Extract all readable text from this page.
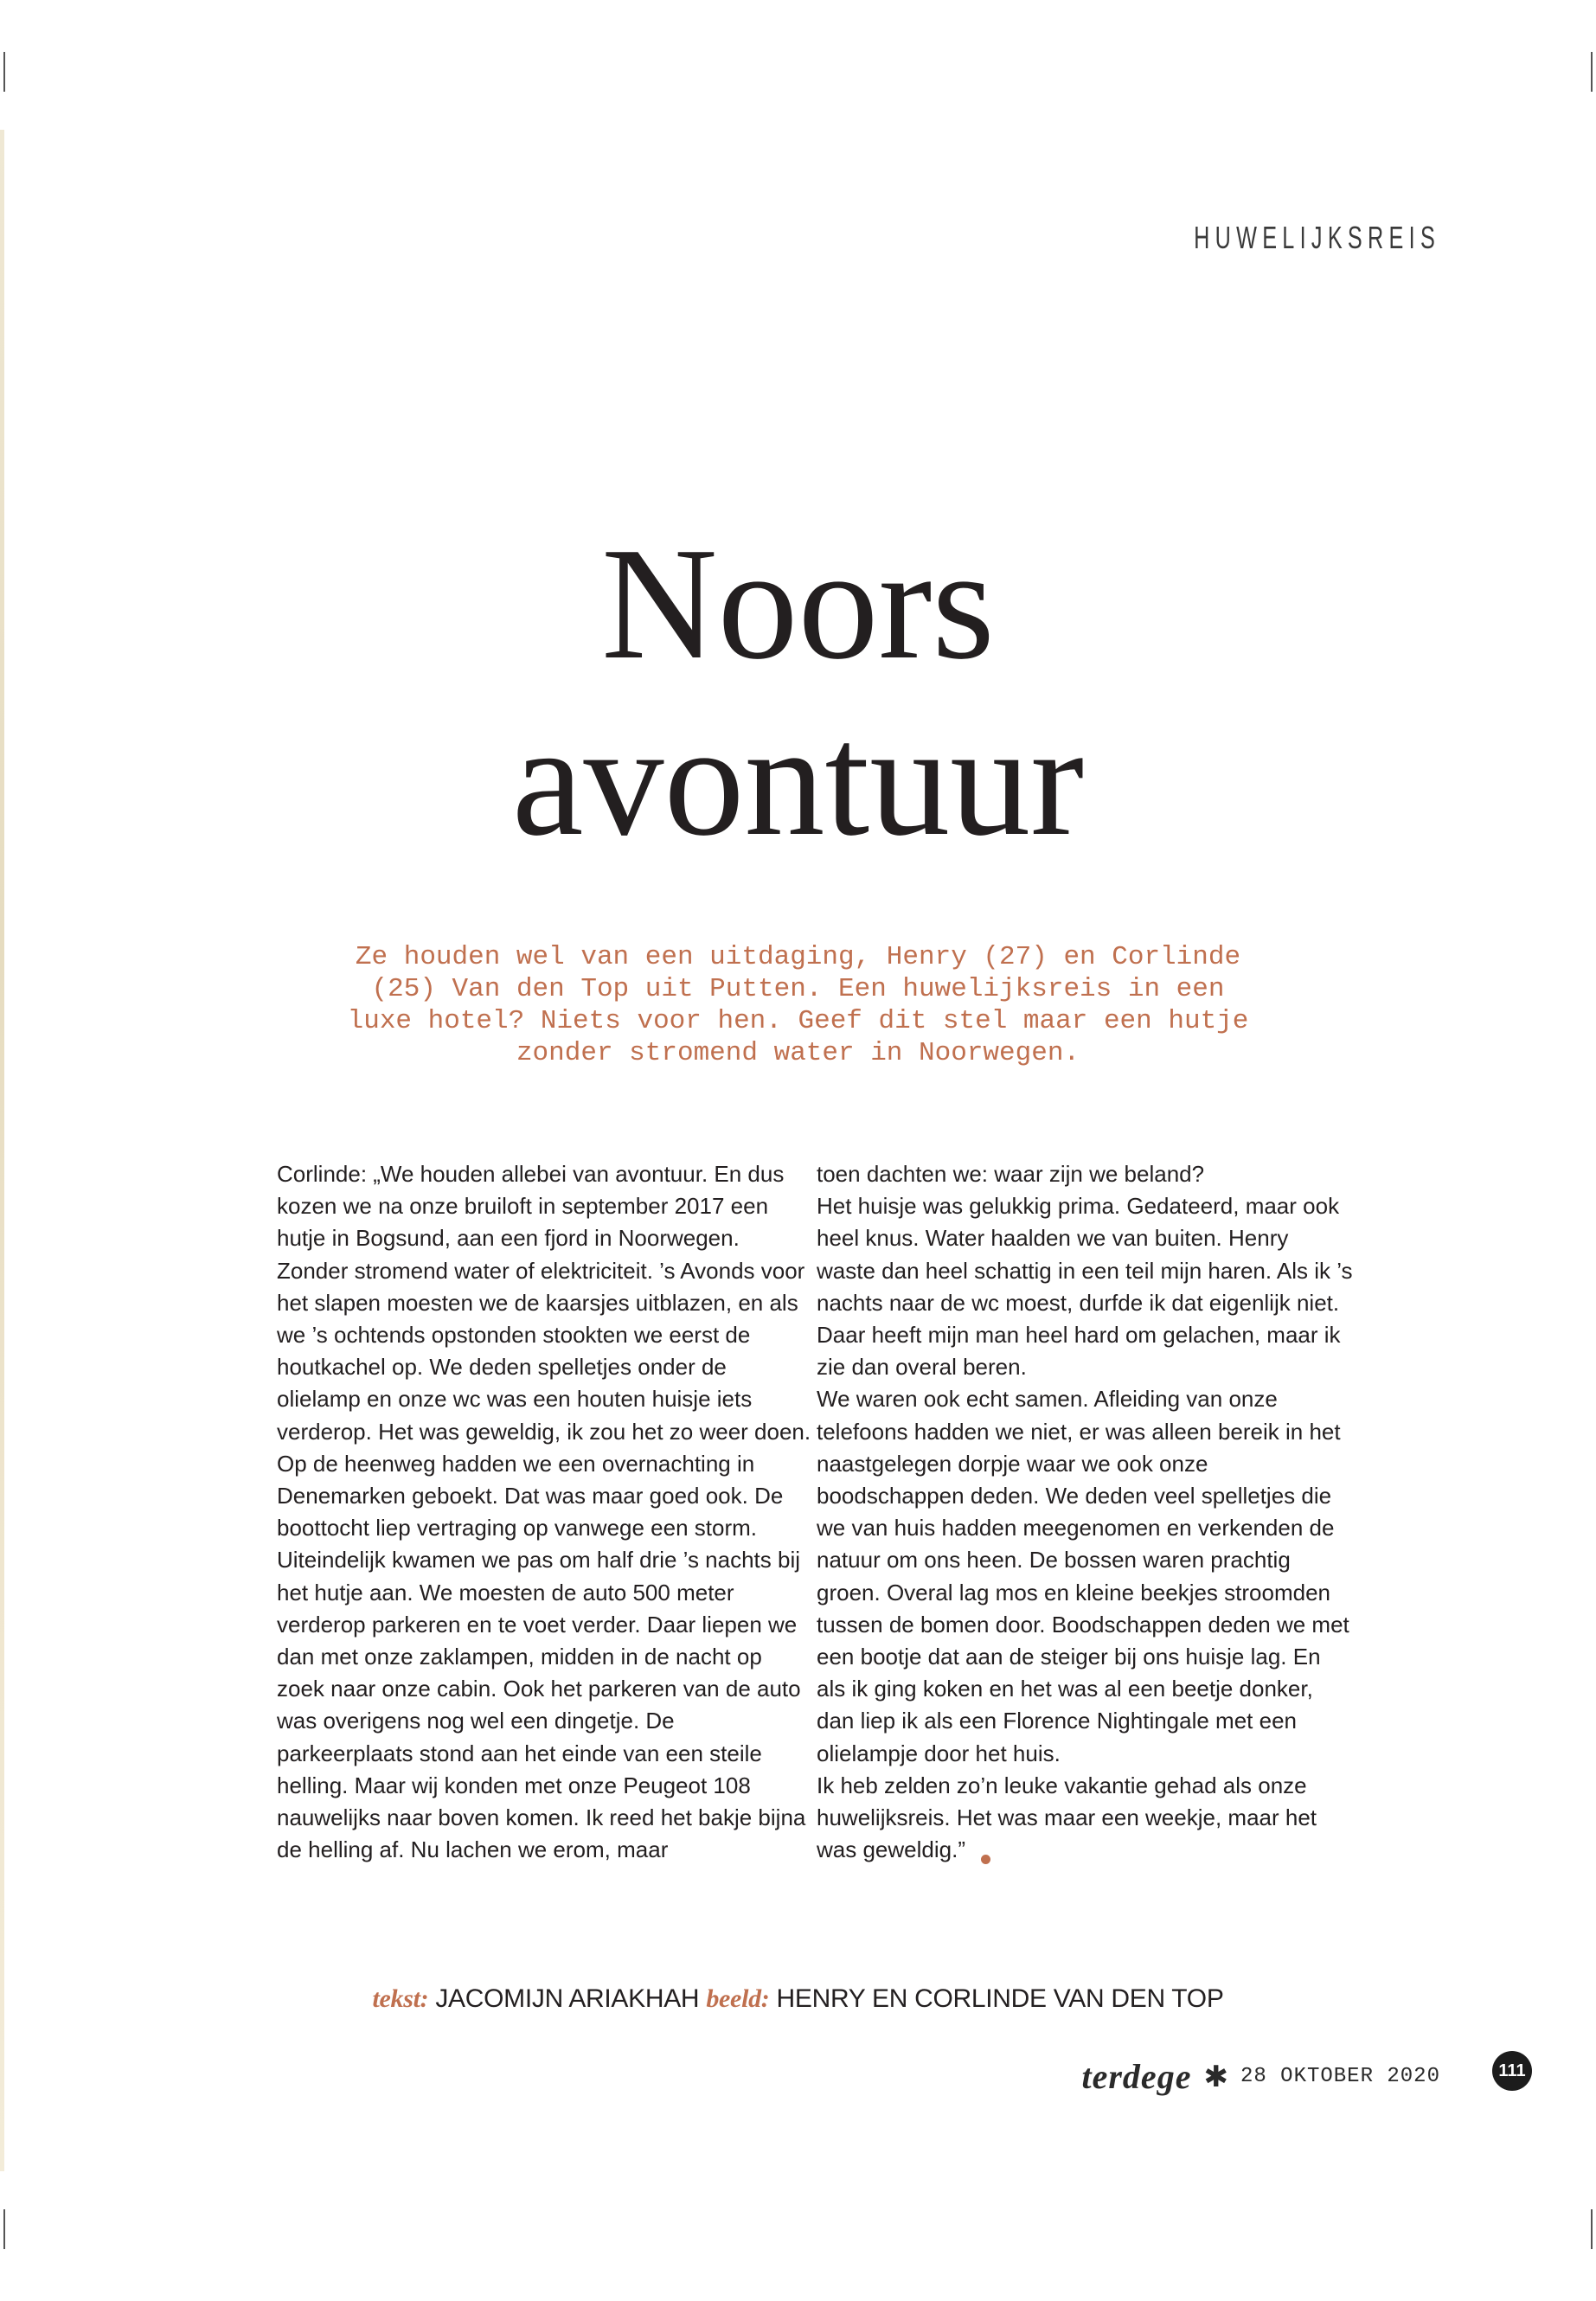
HUWELIJKSREIS
Noors
avontuur

Ze houden wel van een uitdaging, Henry (27) en Corlinde (25) Van den Top uit Putten. Een huwelijksreis in een luxe hotel? Niets voor hen. Geef dit stel maar een hutje zonder stromend water in Noorwegen.

Corlinde: „We houden allebei van avontuur. En dus kozen we na onze bruiloft in september 2017 een hutje in Bogsund, aan een fjord in Noorwegen. Zonder stromend water of elektriciteit. ’s Avonds voor het slapen moesten we de kaarsjes uitblazen, en als we ’s ochtends opstonden stookten we eerst de houtkachel op. We deden spelletjes onder de olielamp en onze wc was een houten huisje iets verderop. Het was geweldig, ik zou het zo weer doen.

Op de heenweg hadden we een overnachting in Denemarken geboekt. Dat was maar goed ook. De boottocht liep vertraging op vanwege een storm. Uiteindelijk kwamen we pas om half drie ’s nachts bij het hutje aan. We moesten de auto 500 meter verderop parkeren en te voet verder. Daar liepen we dan met onze zaklampen, midden in de nacht op zoek naar onze cabin. Ook het parkeren van de auto was overigens nog wel een dingetje. De parkeerplaats stond aan het einde van een steile helling. Maar wij konden met onze Peugeot 108 nauwelijks naar boven komen. Ik reed het bakje bijna de helling af. Nu lachen we erom, maar

toen dachten we: waar zijn we beland?

Het huisje was gelukkig prima. Gedateerd, maar ook heel knus. Water haalden we van buiten. Henry waste dan heel schattig in een teil mijn haren. Als ik ’s nachts naar de wc moest, durfde ik dat eigenlijk niet. Daar heeft mijn man heel hard om gelachen, maar ik zie dan overal beren.

We waren ook echt samen. Afleiding van onze telefoons hadden we niet, er was alleen bereik in het naastgelegen dorpje waar we ook onze boodschappen deden. We deden veel spelletjes die we van huis hadden meegenomen en verkenden de natuur om ons heen. De bossen waren prachtig groen. Overal lag mos en kleine beekjes stroomden tussen de bomen door. Boodschappen deden we met een bootje dat aan de steiger bij ons huisje lag. En als ik ging koken en het was al een beetje donker, dan liep ik als een Florence Nightingale met een olielampje door het huis.

Ik heb zelden zo’n leuke vakantie gehad als onze huwelijksreis. Het was maar een weekje, maar het was geweldig.”

tekst: JACOMIJN ARIAKHAH beeld: HENRY EN CORLINDE VAN DEN TOP
terdege ✱ 28 OKTOBER 2020	111
